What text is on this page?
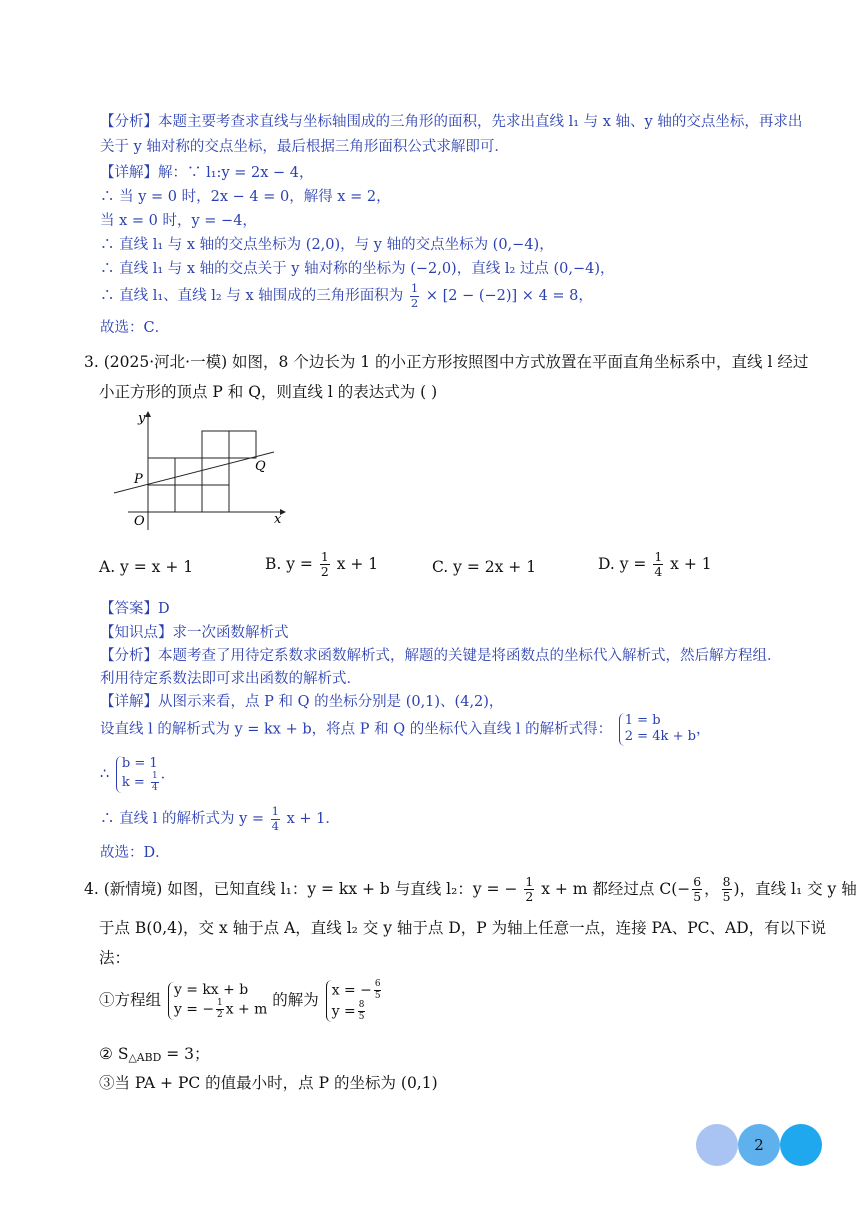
【分析】本题主要考查求直线与坐标轴围成的三角形的面积，先求出直线 l₁ 与 x 轴、y 轴的交点坐标，再求出
关于 y 轴对称的交点坐标，最后根据三角形面积公式求解即可．
【详解】解：∵ l₁:y = 2x − 4，
∴ 当 y = 0 时，2x − 4 = 0，解得 x = 2，
当 x = 0 时，y = −4，
∴ 直线 l₁ 与 x 轴的交点坐标为 (2,0)，与 y 轴的交点坐标为 (0,−4)，
∴ 直线 l₁ 与 x 轴的交点关于 y 轴对称的坐标为 (−2,0)，直线 l₂ 过点 (0,−4)，
∴ 直线 l₁、直线 l₂ 与 x 轴围成的三角形面积为 $\frac{1}{2} \times [2 - (-2)] \times 4 = 8$，
故选：C．
3. (2025·河北·一模) 如图，8 个边长为 1 的小正方形按照图中方式放置在平面直角坐标系中，直线 l 经过
小正方形的顶点 P 和 Q，则直线 l 的表达式为 ( )
y
x
O
P
Q
A. y = x + 1	B. $y = \frac{1}{2}$ x + 1	C. y = 2x + 1	D. $y = \frac{1}{4}$ x + 1
【答案】D
【知识点】求一次函数解析式
【分析】本题考查了用待定系数求函数解析式，解题的关键是将函数点的坐标代入解析式，然后解方程组．
利用待定系数法即可求出函数的解析式．
【详解】从图示来看，点 P 和 Q 的坐标分别是 (0,1)、(4,2)，
设直线 l 的解析式为 y = kx + b，将点 P 和 Q 的坐标代入直线 l 的解析式得：
1 = b
2 = 4k + b ，
∴
b = 1
$k = \frac{1}{4}$ ．
∴ 直线 l 的解析式为 $y = \frac{1}{4}$ x + 1．
故选：D．
4. (新情境) 如图，已知直线 l₁：y = kx + b 与直线 l₂：y = − $\frac{1}{2}$ x + m 都经过点 $C(- \frac{6}{5}$ ， $\frac{8}{5}$ )，直线 l₁ 交 y 轴
于点 B(0,4)，交 x 轴于点 A，直线 l₂ 交 y 轴于点 D，P 为轴上任意一点，连接 PA、PC、AD，有以下说
法：
①方程组
y = kx + b
y = − $\frac{1}{2}$ x + m
的解为
x = − $\frac{6}{5}$
$y = \frac{8}{5}$
② S△ABD = 3；
③当 PA + PC 的值最小时，点 P 的坐标为 (0,1)
2
